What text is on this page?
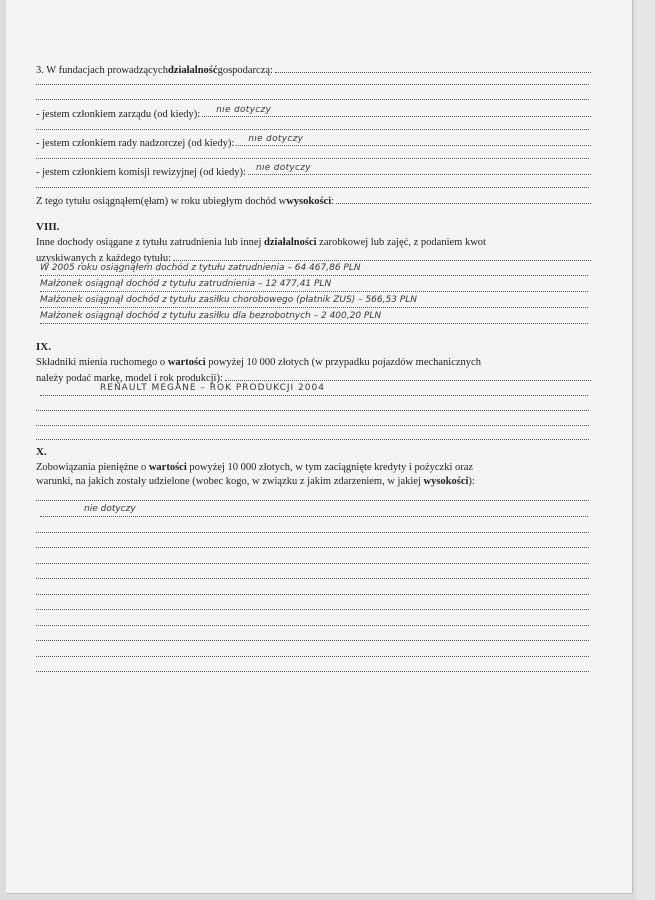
3. W fundacjach prowadzących działalność gospodarczą:
- jestem członkiem zarządu (od kiedy): nie dotyczy
- jestem członkiem rady nadzorczej (od kiedy): nie dotyczy
- jestem członkiem komisji rewizyjnej (od kiedy): nie dotyczy
Z tego tytułu osiągnąłem(ęłam) w roku ubiegłym dochód w wysokości :
VIII.
Inne dochody osiągane z tytułu zatrudnienia lub innej działalności zarobkowej lub zajęć, z podaniem kwot
uzyskiwanych z każdego tytułu:
W 2005 roku osiągnąłem dochód z tytułu zatrudnienia – 64 467,86 PLN
Małżonek osiągnął dochód z tytułu zatrudnienia – 12 477,41 PLN
Małżonek osiągnął dochód z tytułu zasiłku chorobowego (płatnik ZUS) – 566,53 PLN
Małżonek osiągnął dochód z tytułu zasiłku dla bezrobotnych – 2 400,20 PLN
IX.
Składniki mienia ruchomego o wartości powyżej 10 000 złotych (w przypadku pojazdów mechanicznych
należy podać markę, model i rok produkcji):
RENAULT MEGANE – ROK PRODUKCJI 2004
X.
Zobowiązania pieniężne o wartości powyżej 10 000 złotych, w tym zaciągnięte kredyty i pożyczki oraz
warunki, na jakich zostały udzielone (wobec kogo, w związku z jakim zdarzeniem, w jakiej wysokości):
nie dotyczy
